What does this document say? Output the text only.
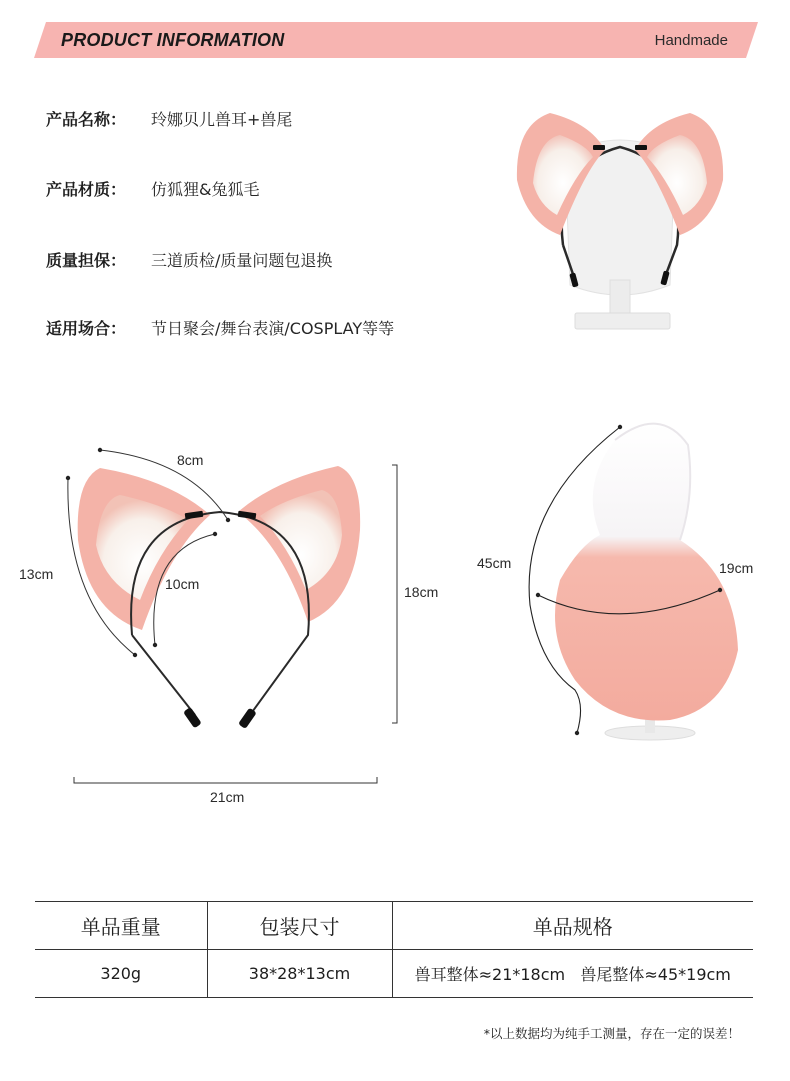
PRODUCT INFORMATION	Handmade
产品名称： 玲娜贝儿兽耳+兽尾
产品材质： 仿狐狸&兔狐毛
质量担保： 三道质检/质量问题包退换
适用场合： 节日聚会/舞台表演/COSPLAY等等
8cm
13cm
10cm	18cm
21cm
45cm	19cm
单品重量	包装尺寸	单品规格
320g	38*28*13cm	兽耳整体≈21*18cm   兽尾整体≈45*19cm
*以上数据均为纯手工测量，存在一定的误差！
